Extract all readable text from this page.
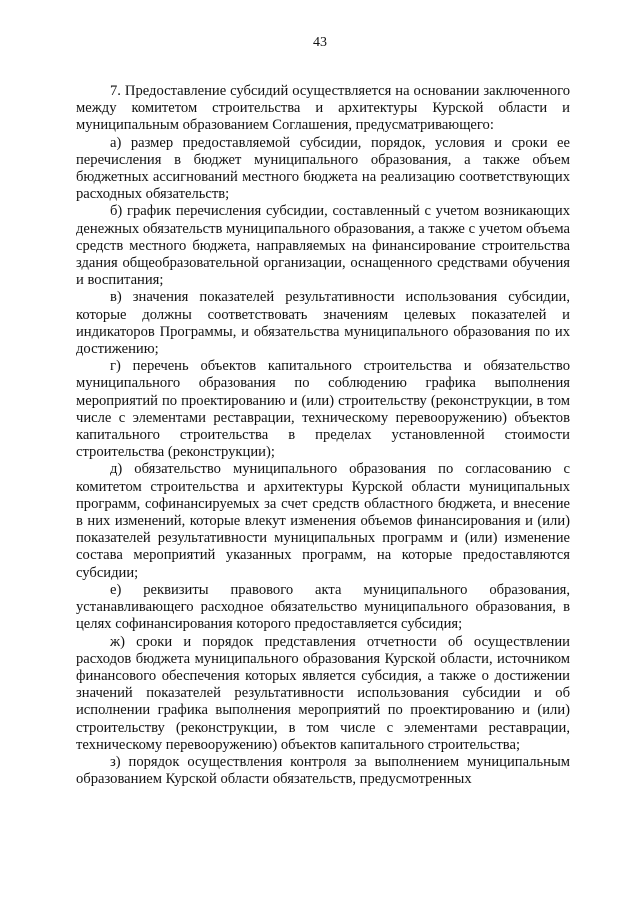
43

7. Предоставление субсидий осуществляется на основании заключенного между комитетом строительства и архитектуры Курской области и муниципальным образованием Соглашения, предусматривающего:

а) размер предоставляемой субсидии, порядок, условия и сроки ее перечисления в бюджет муниципального образования, а также объем бюджетных ассигнований местного бюджета на реализацию соответствующих расходных обязательств;

б) график перечисления субсидии, составленный с учетом возникающих денежных обязательств муниципального образования, а также с учетом объема средств местного бюджета, направляемых на финансирование строительства здания общеобразовательной организации, оснащенного средствами обучения и воспитания;

в) значения показателей результативности использования субсидии, которые должны соответствовать значениям целевых показателей и индикаторов Программы, и обязательства муниципального образования по их достижению;

г) перечень объектов капитального строительства и обязательство муниципального образования по соблюдению графика выполнения мероприятий по проектированию и (или) строительству (реконструкции, в том числе с элементами реставрации, техническому перевооружению) объектов капитального строительства в пределах установленной стоимости строительства (реконструкции);

д) обязательство муниципального образования по согласованию с комитетом строительства и архитектуры Курской области муниципальных программ, софинансируемых за счет средств областного бюджета, и внесение в них изменений, которые влекут изменения объемов финансирования и (или) показателей результативности муниципальных программ и (или) изменение состава мероприятий указанных программ, на которые предоставляются субсидии;

е) реквизиты правового акта муниципального образования, устанавливающего расходное обязательство муниципального образования, в целях софинансирования которого предоставляется субсидия;

ж) сроки и порядок представления отчетности об осуществлении расходов бюджета муниципального образования Курской области, источником финансового обеспечения которых является субсидия, а также о достижении значений показателей результативности использования субсидии и об исполнении графика выполнения мероприятий по проектированию и (или) строительству (реконструкции, в том числе с элементами реставрации, техническому перевооружению) объектов капитального строительства;

з) порядок осуществления контроля за выполнением муниципальным образованием Курской области обязательств, предусмотренных
